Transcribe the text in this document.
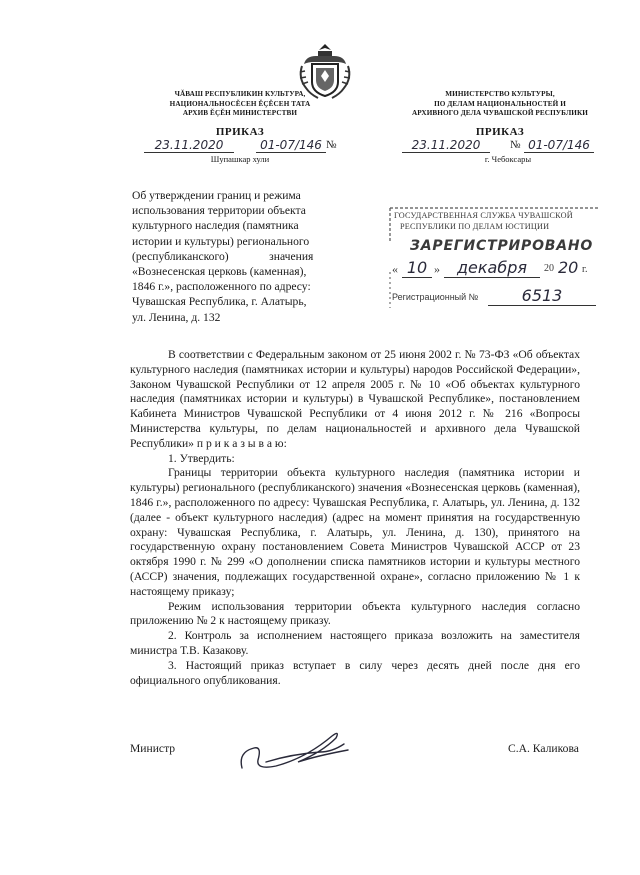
ЧĂВАШ РЕСПУБЛИКИН КУЛЬТУРА,
НАЦИОНАЛЬНОСĔСЕН ĔÇĔСЕН ТАТА
АРХИВ ĔÇĔН МИНИСТЕРСТВИ
ПРИКАЗ
23.11.2020	01-07/146 №
Шупашкар хули
МИНИСТЕРСТВО КУЛЬТУРЫ,
ПО ДЕЛАМ НАЦИОНАЛЬНОСТЕЙ И
АРХИВНОГО ДЕЛА ЧУВАШСКОЙ РЕСПУБЛИКИ
ПРИКАЗ
23.11.2020	№ 01-07/146
г. Чебоксары
Об утверждении границ и режима
использования территории объекта
культурного наследия (памятника
истории и культуры) регионального
(республиканского)              значения
«Вознесенская церковь (каменная),
1846 г.», расположенного по адресу:
Чувашская Республика, г. Алатырь,
ул. Ленина, д. 132
ГОСУДАРСТВЕННАЯ СЛУЖБА ЧУВАШСКОЙ
РЕСПУБЛИКИ ПО ДЕЛАМ ЮСТИЦИИ
ЗАРЕГИСТРИРОВАНО
« 10 »	декабря	20 20 г.
Регистрационный №	6513

В соответствии с Федеральным законом от 25 июня 2002 г. № 73-ФЗ «Об объектах культурного наследия (памятниках истории и культуры) народов Российской Федерации», Законом Чувашской Республики от 12 апреля 2005 г. № 10 «Об объектах культурного наследия (памятниках истории и культуры) в Чувашской Республике», постановлением Кабинета Министров Чувашской Республики от 4 июня 2012 г. № 216 «Вопросы Министерства культуры, по делам национальностей и архивного дела Чувашской Республики» п р и к а з ы в а ю:

1. Утвердить:

Границы территории объекта культурного наследия (памятника истории и культуры) регионального (республиканского) значения «Вознесенская церковь (каменная), 1846 г.», расположенного по адресу: Чувашская Республика, г. Алатырь, ул. Ленина, д. 132 (далее - объект культурного наследия) (адрес на момент принятия на государственную охрану: Чувашская Республика, г. Алатырь, ул. Ленина, д. 130), принятого на государственную охрану постановлением Совета Министров Чувашской АССР от 23 октября 1990 г. № 299 «О дополнении списка памятников истории и культуры местного (АССР) значения, подлежащих государственной охране», согласно приложению № 1 к настоящему приказу;

Режим использования территории объекта культурного наследия согласно приложению № 2 к настоящему приказу.

2. Контроль за исполнением настоящего приказа возложить на заместителя министра Т.В. Казакову.

3. Настоящий приказ вступает в силу через десять дней после дня его официального опубликования.

Министр	С.А. Каликова
